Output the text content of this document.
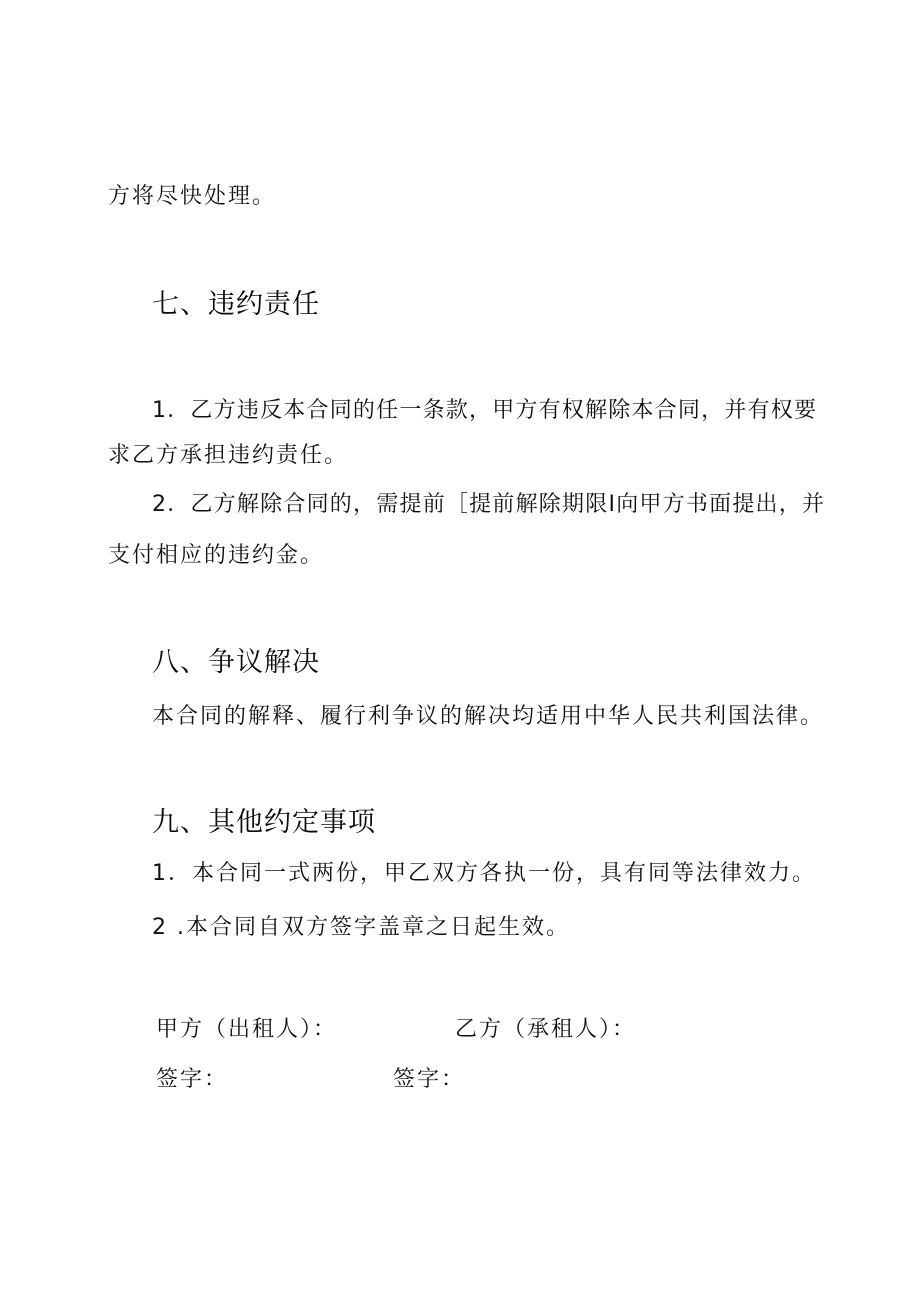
方将尽快处理。
七、违约责任
1．乙方违反本合同的任一条款，甲方有权解除本合同，并有权要
求乙方承担违约责任。
2．乙方解除合同的，需提前［提前解除期限I向甲方书面提出，并
支付相应的违约金。
八、争议解决
本合同的解释、履行利争议的解决均适用中华人民共利国法律。
九、其他约定事项
1．本合同一式两份，甲乙双方各执一份，具有同等法律效力。
2 .本合同自双方签字盖章之日起生效。
甲方（出租人）：	乙方（承租人）：
签字：	签字：
